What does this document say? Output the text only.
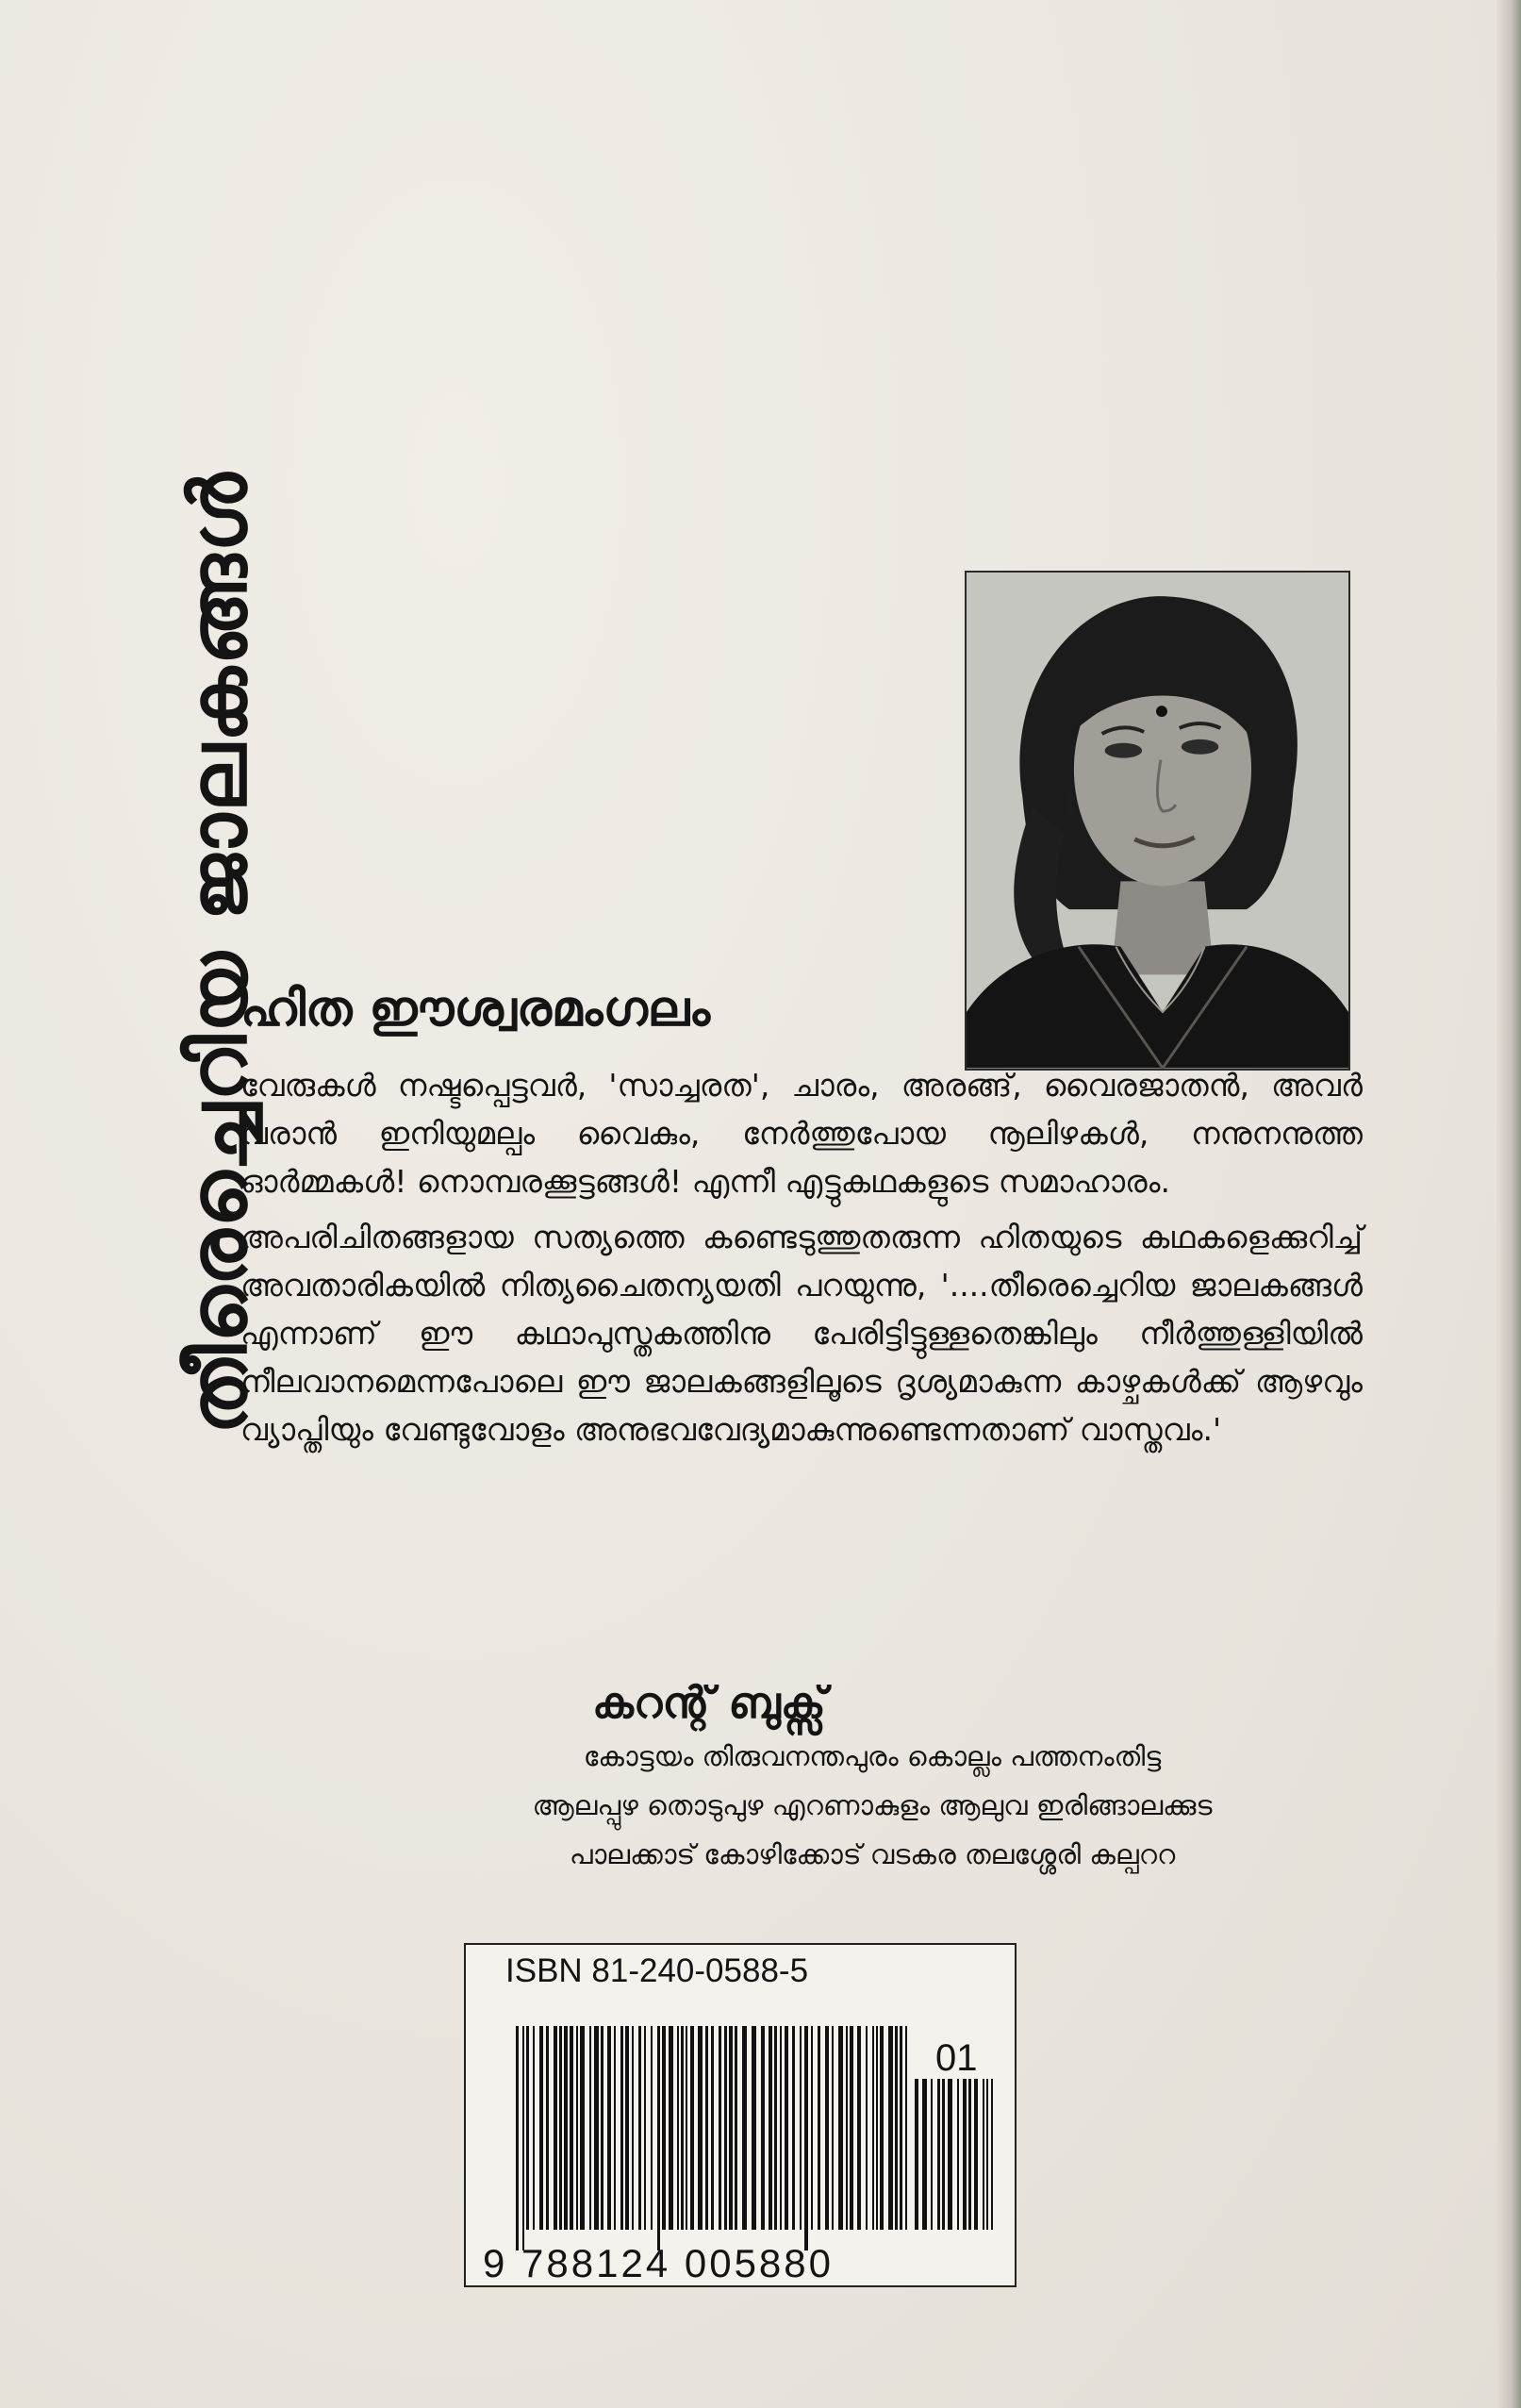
തീരെച്ചെറിയ ജാലകങ്ങൾ
ഹിത ഈശ്വരമംഗലം

വേരുകൾ നഷ്ടപ്പെട്ടവർ, 'സാച്ചരത', ചാരം, അരങ്ങ്, വൈരജാതൻ, അവർ വരാൻ ഇനിയുമല്പം വൈകും, നേർത്തുപോയ നൂലിഴകൾ, നനുനനുത്ത ഓർമ്മകൾ! നൊമ്പരക്കൂട്ടങ്ങൾ! എന്നീ എട്ടുകഥകളുടെ സമാഹാരം.

അപരിചിതങ്ങളായ സത്യത്തെ കണ്ടെടുത്തുതരുന്ന ഹിതയുടെ കഥകളെക്കുറിച്ച് അവതാരികയിൽ നിത്യചൈതന്യയതി പറയുന്നു, '....തീരെച്ചെറിയ ജാലകങ്ങൾ എന്നാണ് ഈ കഥാപുസ്തകത്തിനു പേരിട്ടിട്ടുള്ളതെങ്കിലും നീർത്തുള്ളിയിൽ നീലവാനമെന്നപോലെ ഈ ജാലകങ്ങളിലൂടെ ദൃശ്യമാകുന്ന കാഴ്ചകൾക്ക് ആഴവും വ്യാപ്തിയും വേണ്ടുവോളം അനുഭവവേദ്യമാകുന്നുണ്ടെന്നതാണ് വാസ്തവം.'

കറന്റ് ബുക്സ്
കോട്ടയം തിരുവനന്തപുരം കൊല്ലം പത്തനംതിട്ട
ആലപ്പുഴ തൊടുപുഴ എറണാകുളം ആലുവ ഇരിങ്ങാലക്കുട
പാലക്കാട് കോഴിക്കോട് വടകര തലശ്ശേരി കല്പററ
ISBN 81-240-0588-5
01
9 788124 005880
